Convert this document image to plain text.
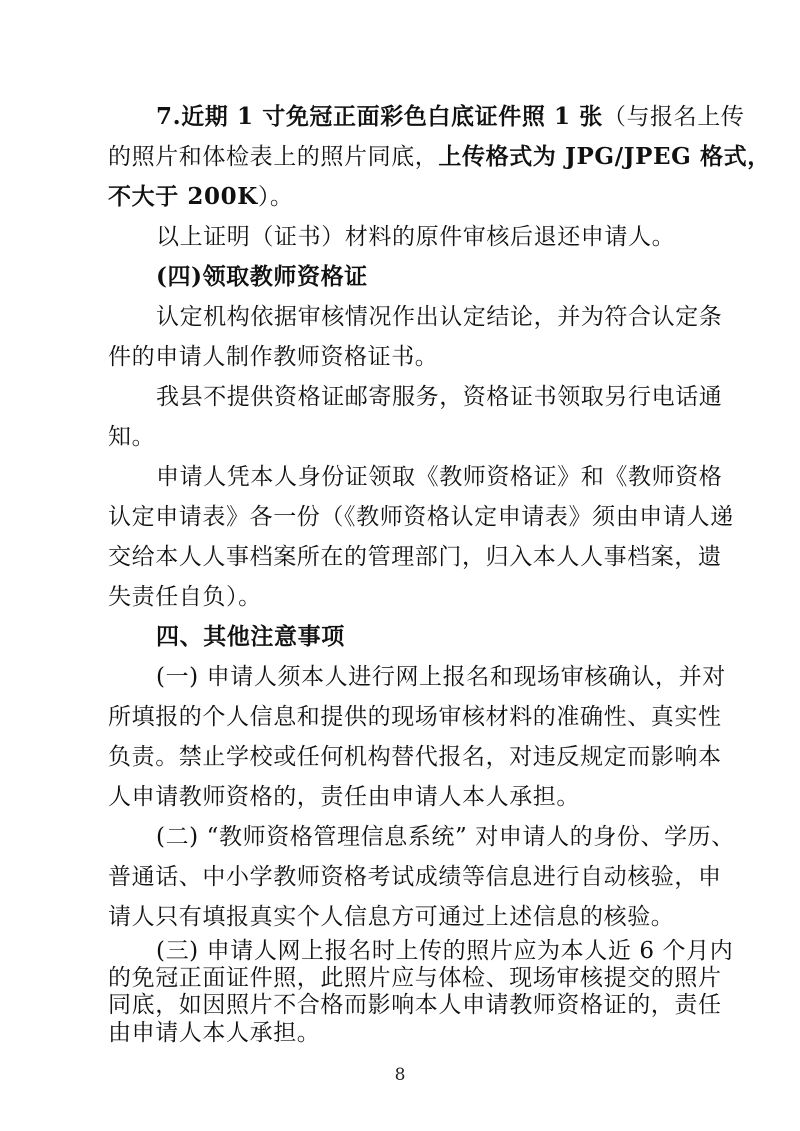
7.近期 1 寸免冠正面彩色白底证件照 1 张（与报名上传
的照片和体检表上的照片同底，上传格式为 JPG/JPEG 格式，
不大于 200K）。
以上证明（证书）材料的原件审核后退还申请人。
(四)领取教师资格证
认定机构依据审核情况作出认定结论，并为符合认定条
件的申请人制作教师资格证书。
我县不提供资格证邮寄服务，资格证书领取另行电话通
知。
申请人凭本人身份证领取《教师资格证》和《教师资格
认定申请表》各一份（《教师资格认定申请表》须由申请人递
交给本人人事档案所在的管理部门，归入本人人事档案，遗
失责任自负）。
四、其他注意事项
(一) 申请人须本人进行网上报名和现场审核确认，并对
所填报的个人信息和提供的现场审核材料的准确性、真实性
负责。禁止学校或任何机构替代报名，对违反规定而影响本
人申请教师资格的，责任由申请人本人承担。
(二) “教师资格管理信息系统” 对申请人的身份、学历、
普通话、中小学教师资格考试成绩等信息进行自动核验，申
请人只有填报真实个人信息方可通过上述信息的核验。
(三) 申请人网上报名时上传的照片应为本人近 6 个月内
的免冠正面证件照，此照片应与体检、现场审核提交的照片
同底，如因照片不合格而影响本人申请教师资格证的，责任
8
由申请人本人承担。
